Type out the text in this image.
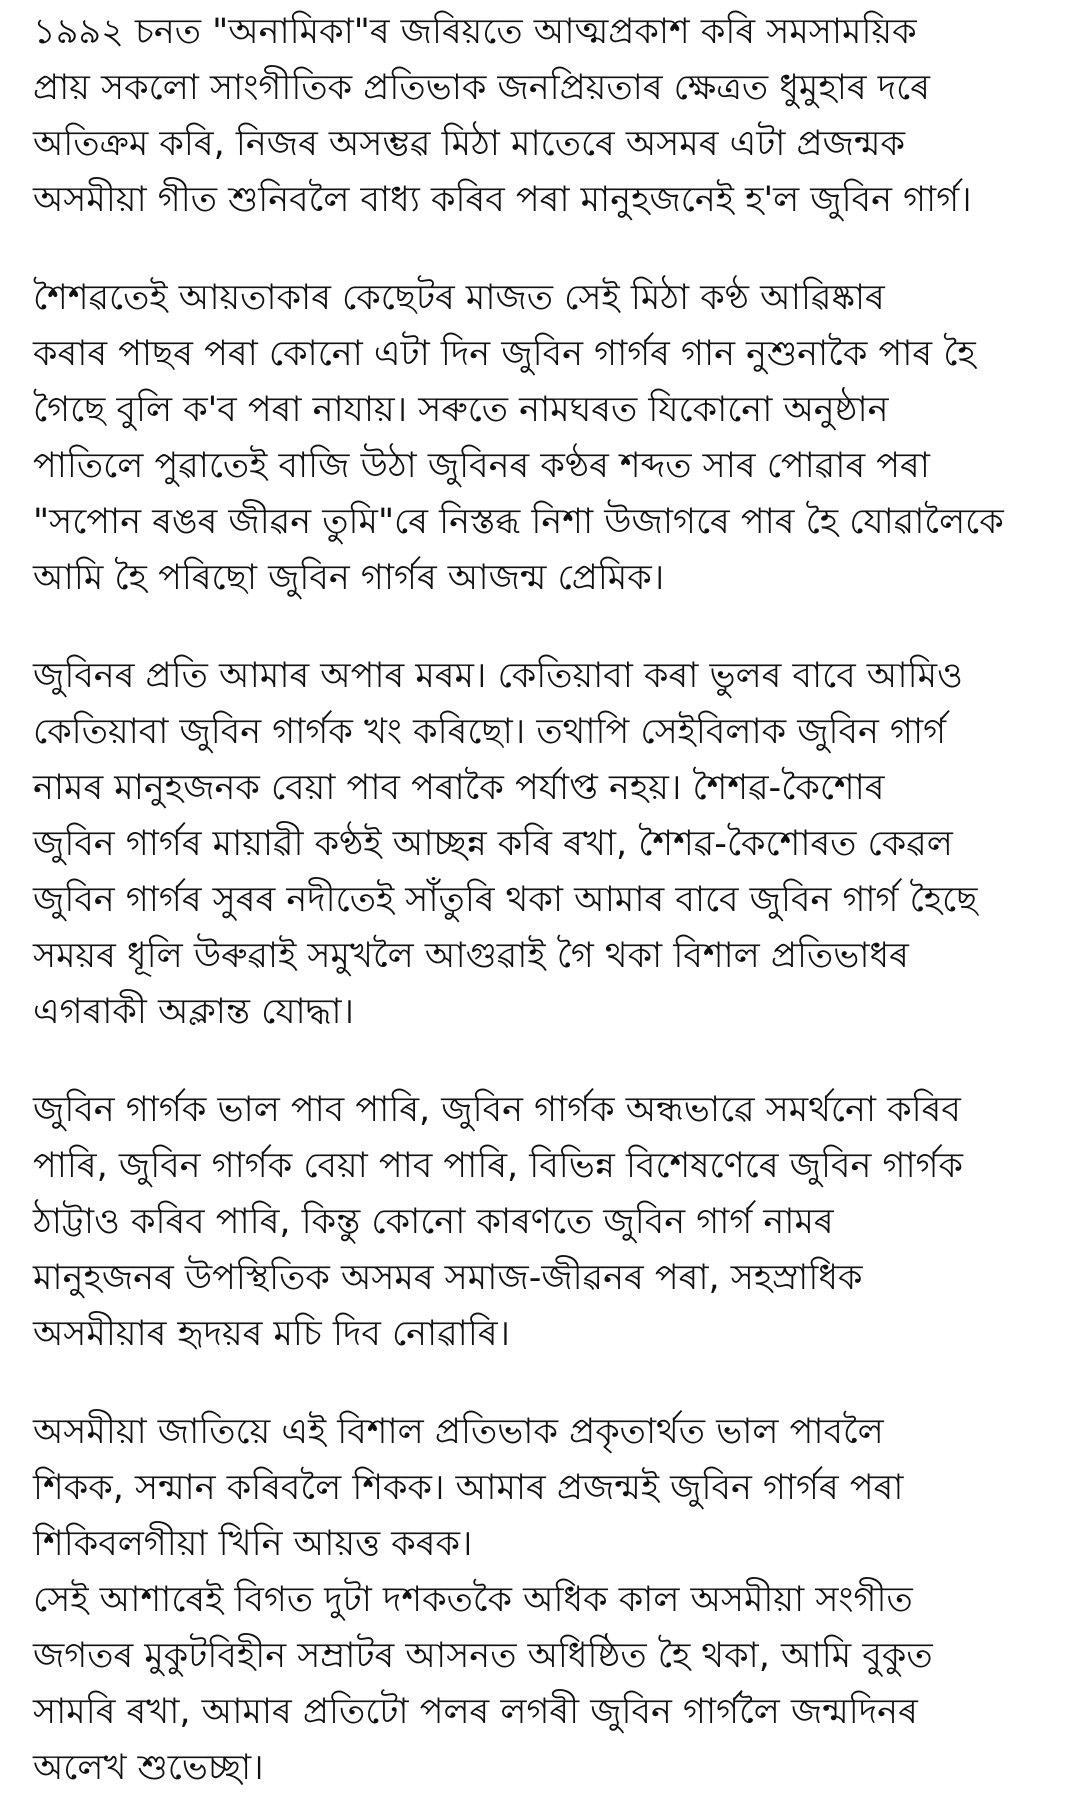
১৯৯২ চনত "অনামিকা"ৰ জৰিয়তে আত্মপ্ৰকাশ কৰি সমসাময়িক
প্ৰায় সকলো সাংগীতিক প্ৰতিভাক জনপ্ৰিয়তাৰ ক্ষেত্ৰত ধুমুহাৰ দৰে
অতিক্ৰম কৰি, নিজৰ অসম্ভৱ মিঠা মাতেৰে অসমৰ এটা প্ৰজন্মক
অসমীয়া গীত শুনিবলৈ বাধ্য কৰিব পৰা মানুহজনেই হ'ল জুবিন গাৰ্গ।

শৈশৱতেই আয়তাকাৰ কেছেটৰ মাজত সেই মিঠা কণ্ঠ আৱিষ্কাৰ
কৰাৰ পাছৰ পৰা কোনো এটা দিন জুবিন গাৰ্গৰ গান নুশুনাকৈ পাৰ হৈ
গৈছে বুলি ক'ব পৰা নাযায়। সৰুতে নামঘৰত যিকোনো অনুষ্ঠান
পাতিলে পুৱাতেই বাজি উঠা জুবিনৰ কণ্ঠৰ শব্দত সাৰ পোৱাৰ পৰা
"সপোন ৰঙৰ জীৱন তুমি"ৰে নিস্তব্ধ নিশা উজাগৰে পাৰ হৈ যোৱালৈকে
আমি হৈ পৰিছো জুবিন গাৰ্গৰ আজন্ম প্ৰেমিক।

জুবিনৰ প্ৰতি আমাৰ অপাৰ মৰম। কেতিয়াবা কৰা ভুলৰ বাবে আমিও
কেতিয়াবা জুবিন গাৰ্গক খং কৰিছো। তথাপি সেইবিলাক জুবিন গাৰ্গ
নামৰ মানুহজনক বেয়া পাব পৰাকৈ পৰ্যাপ্ত নহয়। শৈশৱ-কৈশোৰ
জুবিন গাৰ্গৰ মায়াৱী কণ্ঠই আচ্ছন্ন কৰি ৰখা, শৈশৱ-কৈশোৰত কেৱল
জুবিন গাৰ্গৰ সুৰৰ নদীতেই সাঁতুৰি থকা আমাৰ বাবে জুবিন গাৰ্গ হৈছে
সময়ৰ ধূলি উৰুৱাই সমুখলৈ আগুৱাই গৈ থকা বিশাল প্ৰতিভাধৰ
এগৰাকী অক্লান্ত যোদ্ধা।

জুবিন গাৰ্গক ভাল পাব পাৰি, জুবিন গাৰ্গক অন্ধভাৱে সমৰ্থনো কৰিব
পাৰি, জুবিন গাৰ্গক বেয়া পাব পাৰি, বিভিন্ন বিশেষণেৰে জুবিন গাৰ্গক
ঠাট্টাও কৰিব পাৰি, কিন্তু কোনো কাৰণতে জুবিন গাৰ্গ নামৰ
মানুহজনৰ উপস্থিতিক অসমৰ সমাজ-জীৱনৰ পৰা, সহস্ৰাধিক
অসমীয়াৰ হৃদয়ৰ মচি দিব নোৱাৰি।

অসমীয়া জাতিয়ে এই বিশাল প্ৰতিভাক প্ৰকৃতাৰ্থত ভাল পাবলৈ
শিকক, সন্মান কৰিবলৈ শিকক। আমাৰ প্ৰজন্মই জুবিন গাৰ্গৰ পৰা
শিকিবলগীয়া খিনি আয়ত্ত কৰক।

সেই আশাৰেই বিগত দুটা দশকতকৈ অধিক কাল অসমীয়া সংগীত
জগতৰ মুকুটবিহীন সম্ৰাটৰ আসনত অধিষ্ঠিত হৈ থকা, আমি বুকুত
সামৰি ৰখা, আমাৰ প্ৰতিটো পলৰ লগৰী জুবিন গাৰ্গলৈ জন্মদিনৰ
অলেখ শুভেচ্ছা।
